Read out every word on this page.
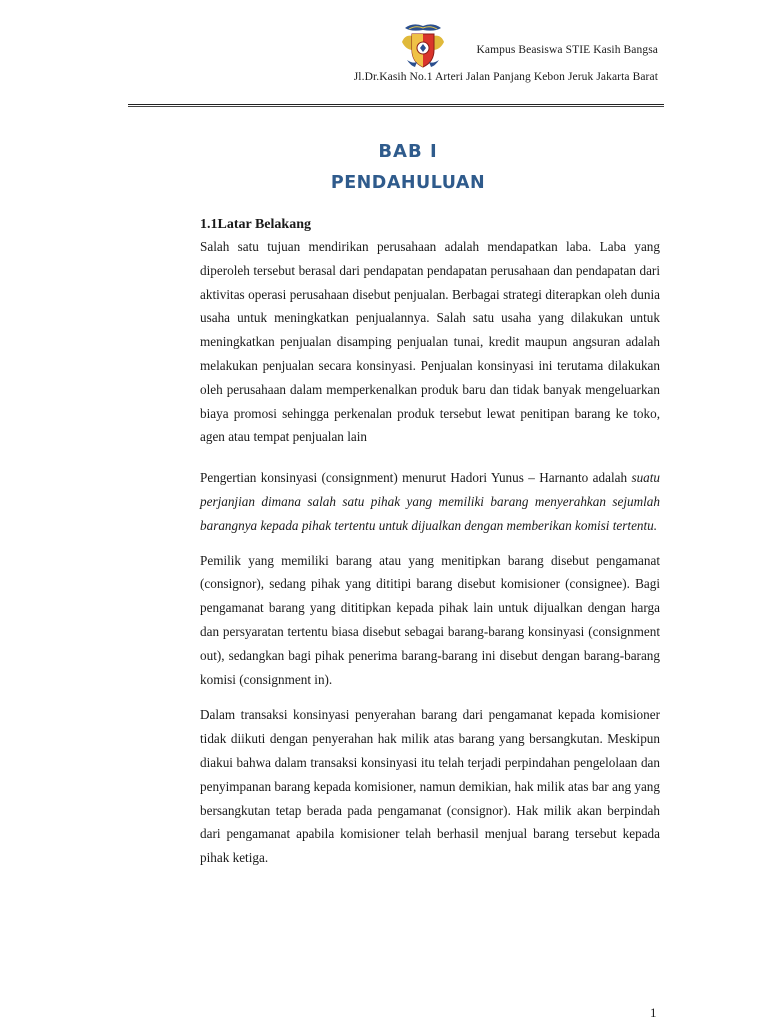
Kampus Beasiswa STIE Kasih Bangsa
Jl.Dr.Kasih No.1 Arteri Jalan Panjang Kebon Jeruk Jakarta Barat
BAB I
PENDAHULUAN

1.1Latar Belakang

Salah satu tujuan mendirikan perusahaan adalah mendapatkan laba. Laba yang diperoleh tersebut berasal dari pendapatan pendapatan perusahaan dan pendapatan dari aktivitas operasi perusahaan disebut penjualan. Berbagai strategi diterapkan oleh dunia usaha untuk meningkatkan penjualannya. Salah satu usaha yang dilakukan untuk meningkatkan penjualan disamping penjualan tunai, kredit maupun angsuran adalah melakukan penjualan secara konsinyasi. Penjualan konsinyasi ini terutama dilakukan oleh perusahaan dalam memperkenalkan produk baru dan tidak banyak mengeluarkan biaya promosi sehingga perkenalan produk tersebut lewat penitipan barang ke toko, agen atau tempat penjualan lain

Pengertian konsinyasi (consignment) menurut Hadori Yunus – Harnanto adalah suatu perjanjian dimana salah satu pihak yang memiliki barang menyerahkan sejumlah barangnya kepada pihak tertentu untuk dijualkan dengan memberikan komisi tertentu.

Pemilik yang memiliki barang atau yang menitipkan barang disebut pengamanat (consignor), sedang pihak yang dititipi barang disebut komisioner (consignee). Bagi pengamanat barang yang dititipkan kepada pihak lain untuk dijualkan dengan harga dan persyaratan tertentu biasa disebut sebagai barang-barang konsinyasi (consignment out), sedangkan bagi pihak penerima barang-barang ini disebut dengan barang-barang komisi (consignment in).

Dalam transaksi konsinyasi penyerahan barang dari pengamanat kepada komisioner tidak diikuti dengan penyerahan hak milik atas barang yang bersangkutan. Meskipun diakui bahwa dalam transaksi konsinyasi itu telah terjadi perpindahan pengelolaan dan penyimpanan barang kepada komisioner, namun demikian, hak milik atas bar ang yang bersangkutan tetap berada pada pengamanat (consignor). Hak milik akan berpindah dari pengamanat apabila komisioner telah berhasil menjual barang tersebut kepada pihak ketiga.

1
